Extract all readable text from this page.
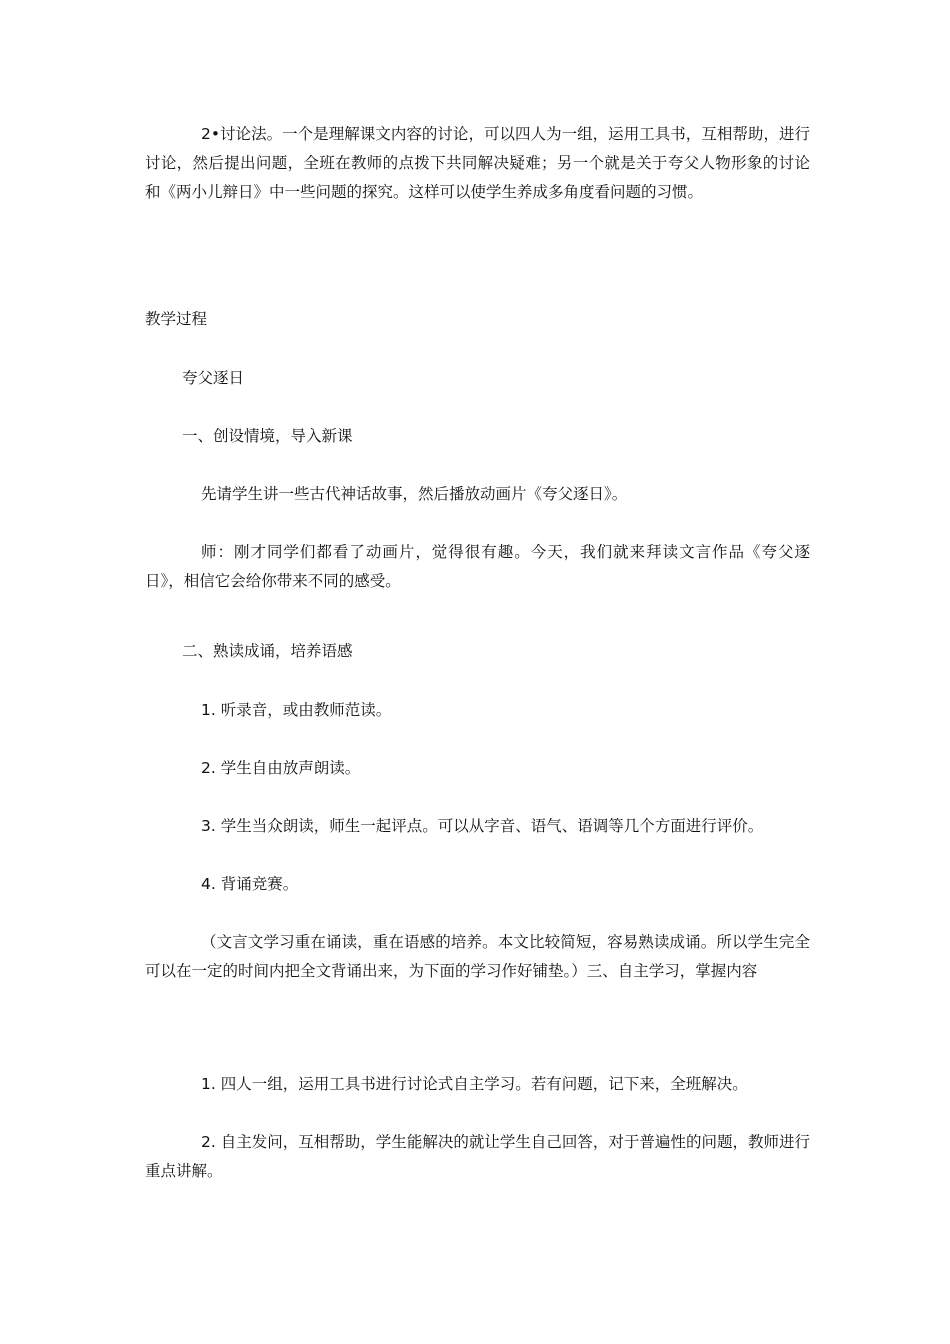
2•讨论法。一个是理解课文内容的讨论，可以四人为一组，运用工具书，互相帮助，进行讨论，然后提出问题，全班在教师的点拨下共同解决疑难；另一个就是关于夸父人物形象的讨论和《两小儿辩日》中一些问题的探究。这样可以使学生养成多角度看问题的习惯。

教学过程

夸父逐日

一、创设情境，导入新课

先请学生讲一些古代神话故事，然后播放动画片《夸父逐日》。

师：刚才同学们都看了动画片，觉得很有趣。今天，我们就来拜读文言作品《夸父逐日》，相信它会给你带来不同的感受。

二、熟读成诵，培养语感

1. 听录音，或由教师范读。

2. 学生自由放声朗读。

3. 学生当众朗读，师生一起评点。可以从字音、语气、语调等几个方面进行评价。

4. 背诵竞赛。

（文言文学习重在诵读，重在语感的培养。本文比较简短，容易熟读成诵。所以学生完全可以在一定的时间内把全文背诵出来，为下面的学习作好铺垫。）三、自主学习，掌握内容

1. 四人一组，运用工具书进行讨论式自主学习。若有问题，记下来，全班解决。

2. 自主发问，互相帮助，学生能解决的就让学生自己回答，对于普遍性的问题，教师进行重点讲解。
